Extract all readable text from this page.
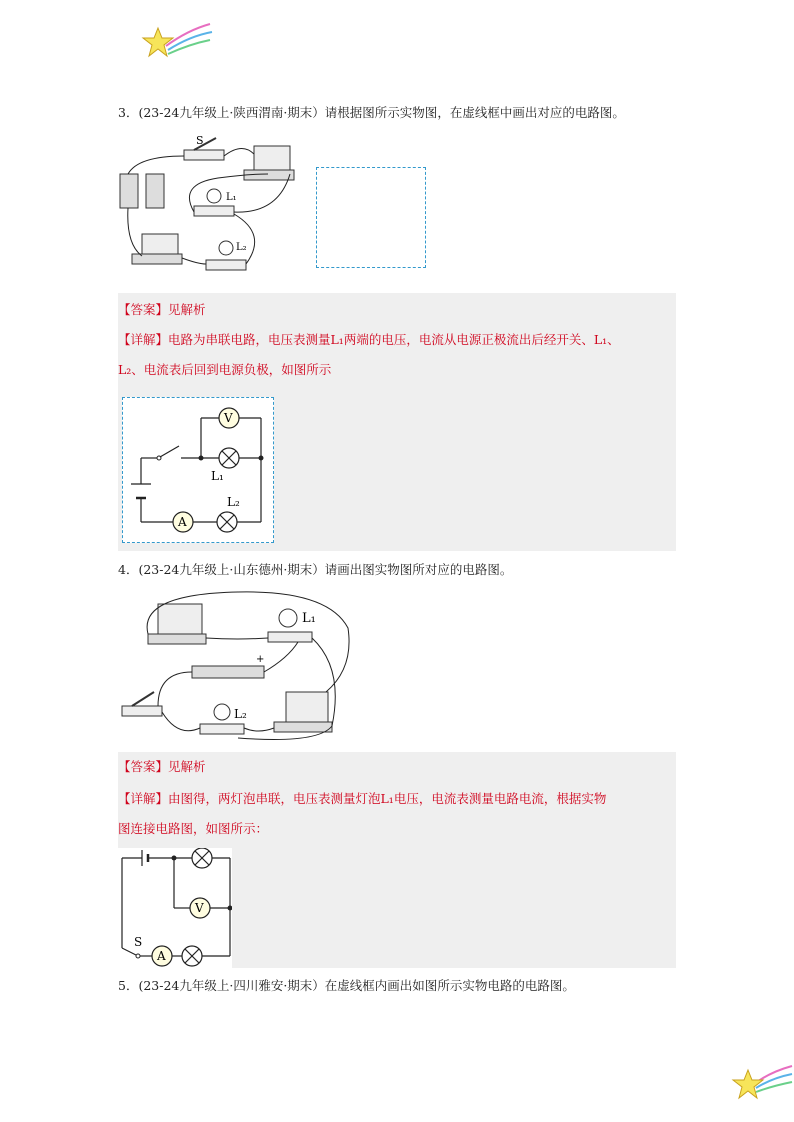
3．(23-24九年级上·陕西渭南·期末）请根据图所示实物图，在虚线框中画出对应的电路图。
S
L₁
L₂
【答案】见解析
【详解】电路为串联电路，电压表测量L₁两端的电压，电流从电源正极流出后经开关、L₁、
L₂、电流表后回到电源负极，如图所示
L₁
V
A
L₂
4．(23-24九年级上·山东德州·期末）请画出图实物图所对应的电路图。
L₁
+
L₂
【答案】见解析
【详解】由图得，两灯泡串联，电压表测量灯泡L₁电压，电流表测量电路电流，根据实物
图连接电路图，如图所示：
V
S
A
5．(23-24九年级上·四川雅安·期末）在虚线框内画出如图所示实物电路的电路图。
